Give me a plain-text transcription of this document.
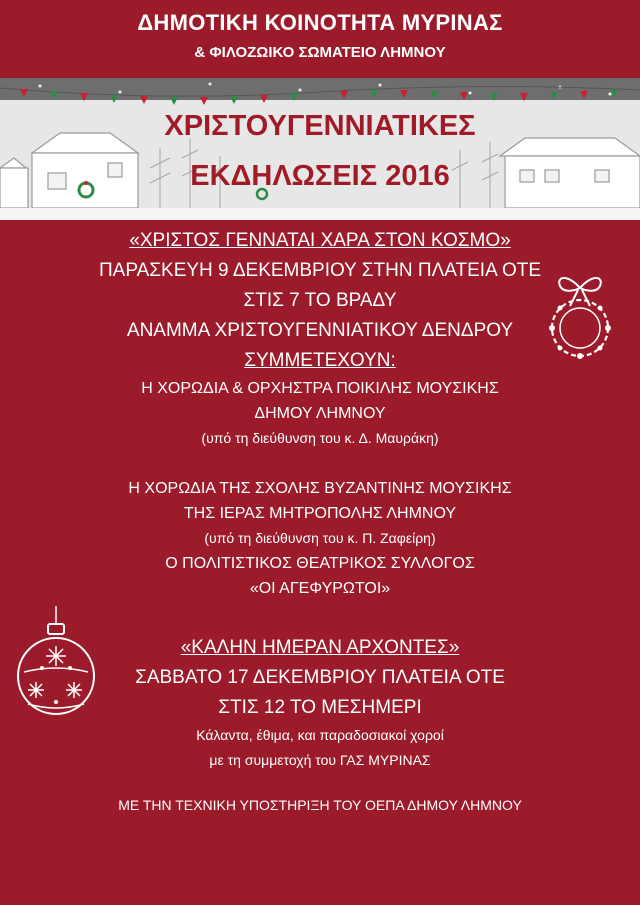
ΔΗΜΟΤΙΚΗ ΚΟΙΝΟΤΗΤΑ ΜΥΡΙΝΑΣ
& ΦΙΛΟΖΩΙΚΟ ΣΩΜΑΤΕΙΟ ΛΗΜΝΟΥ
ΧΡΙΣΤΟΥΓΕΝΝΙΑΤΙΚΕΣ
ΕΚΔΗΛΩΣΕΙΣ 2016
«ΧΡΙΣΤΟΣ ΓΕΝΝΑΤΑΙ ΧΑΡΑ ΣΤΟΝ ΚΟΣΜΟ»
ΠΑΡΑΣΚΕΥΗ 9 ΔΕΚΕΜΒΡΙΟΥ ΣΤΗΝ ΠΛΑΤΕΙΑ ΟΤΕ
ΣΤΙΣ 7 ΤΟ ΒΡΑΔΥ
ΑΝΑΜΜΑ ΧΡΙΣΤΟΥΓΕΝΝΙΑΤΙΚΟΥ ΔΕΝΔΡΟΥ
ΣΥΜΜΕΤΕΧΟΥΝ:
Η ΧΟΡΩΔΙΑ & ΟΡΧΗΣΤΡΑ ΠΟΙΚΙΛΗΣ ΜΟΥΣΙΚΗΣ
ΔΗΜΟΥ ΛΗΜΝΟΥ
(υπό τη διεύθυνση του κ. Δ. Μαυράκη)
Η ΧΟΡΩΔΙΑ ΤΗΣ ΣΧΟΛΗΣ ΒΥΖΑΝΤΙΝΗΣ ΜΟΥΣΙΚΗΣ
ΤΗΣ ΙΕΡΑΣ ΜΗΤΡΟΠΟΛΗΣ ΛΗΜΝΟΥ
(υπό τη διεύθυνση του κ. Π. Ζαφείρη)
Ο ΠΟΛΙΤΙΣΤΙΚΟΣ ΘΕΑΤΡΙΚΟΣ ΣΥΛΛΟΓΟΣ
«ΟΙ ΑΓΕΦΥΡΩΤΟΙ»
«ΚΑΛΗΝ ΗΜΕΡΑΝ ΑΡΧΟΝΤΕΣ»
ΣΑΒΒΑΤΟ 17 ΔΕΚΕΜΒΡΙΟΥ ΠΛΑΤΕΙΑ ΟΤΕ
ΣΤΙΣ 12 ΤΟ ΜΕΣΗΜΕΡΙ
Κάλαντα, έθιμα, και παραδοσιακοί χοροί
με τη συμμετοχή του ΓΑΣ ΜΥΡΙΝΑΣ
ΜΕ ΤΗΝ ΤΕΧΝΙΚΗ ΥΠΟΣΤΗΡΙΞΗ ΤΟΥ ΟΕΠΑ ΔΗΜΟΥ ΛΗΜΝΟΥ
